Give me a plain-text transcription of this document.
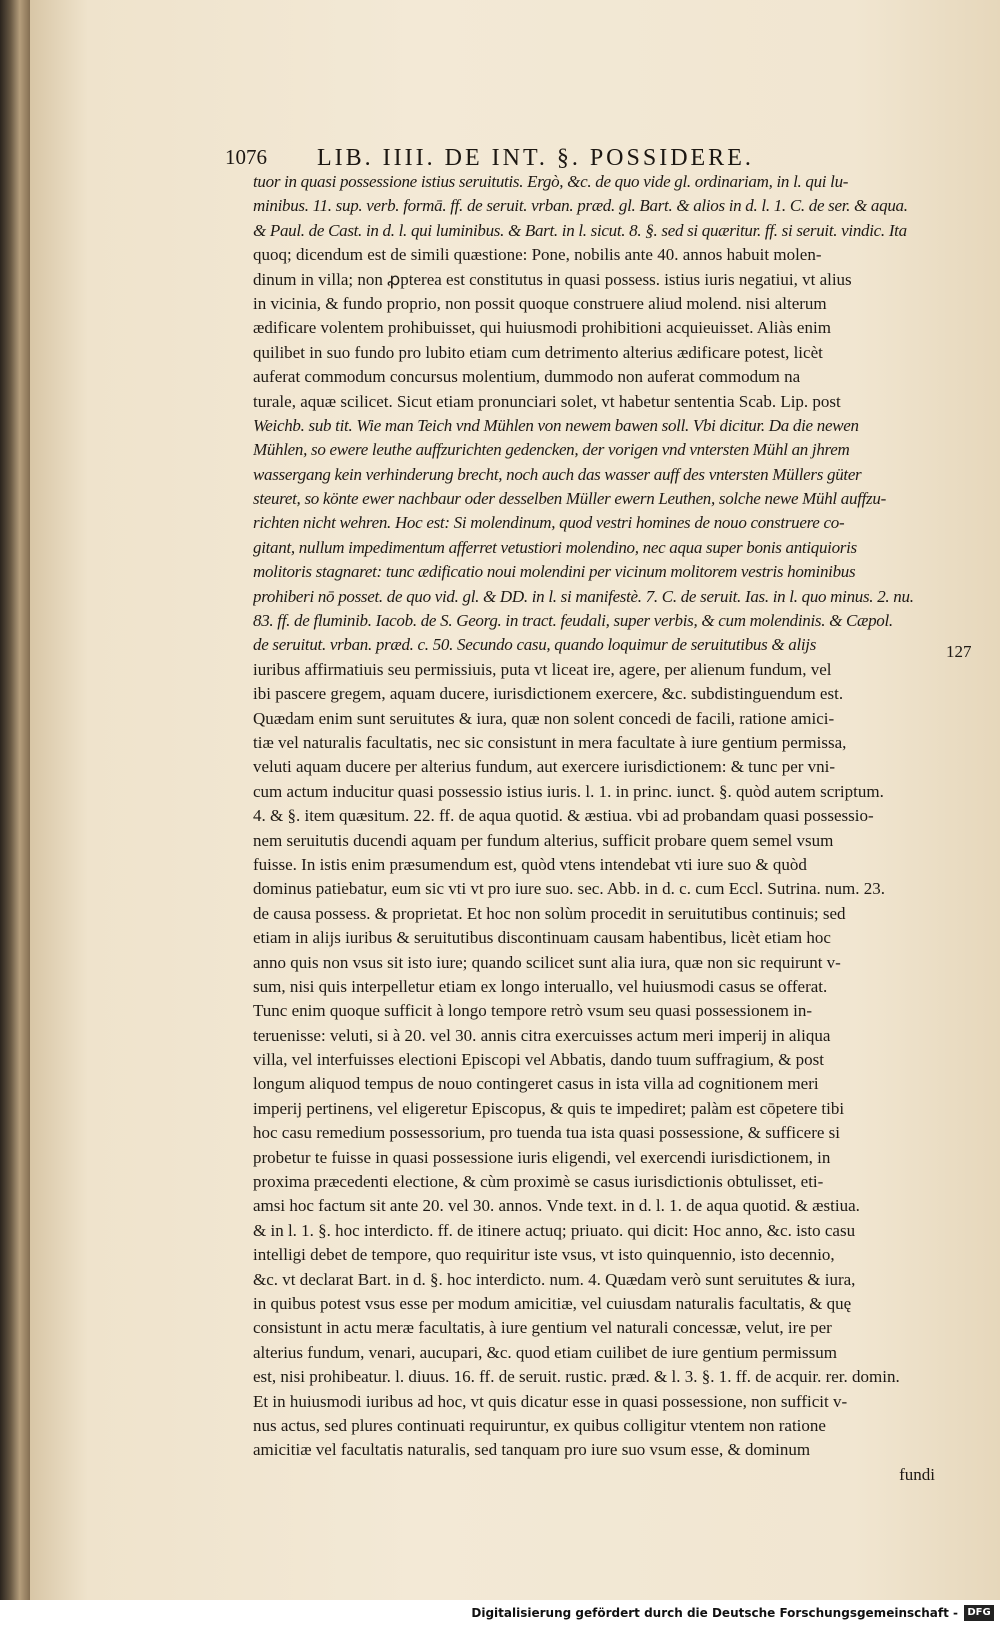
1076 LIB. IIII. DE INT. §. POSSIDERE.
tuor in quasi possessione istius seruitutis. Ergò, &c. de quo vide gl. ordinariam, in l. qui lu-
minibus. 11. sup. verb. formā. ff. de seruit. vrban. præd. gl. Bart. & alios in d. l. 1. C. de ser. & aqua.
& Paul. de Cast. in d. l. qui luminibus. & Bart. in l. sicut. 8. §. sed si quæritur. ff. si seruit. vindic. Ita
quoq; dicendum est de simili quæstione: Pone, nobilis ante 40. annos habuit molen-
dinum in villa; non ꝓpterea est constitutus in quasi possess. istius iuris negatiui, vt alius
in vicinia, & fundo proprio, non possit quoque construere aliud molend. nisi alterum
ædificare volentem prohibuisset, qui huiusmodi prohibitioni acquieuisset. Aliàs enim
quilibet in suo fundo pro lubito etiam cum detrimento alterius ædificare potest, licèt
auferat commodum concursus molentium, dummodo non auferat commodum na
turale, aquæ scilicet. Sicut etiam pronunciari solet, vt habetur sententia Scab. Lip. post
Weichb. sub tit. Wie man Teich vnd Mühlen von newem bawen soll. Vbi dicitur. Da die newen
Mühlen, so ewere leuthe auffzurichten gedencken, der vorigen vnd vntersten Mühl an jhrem
wassergang kein verhinderung brecht, noch auch das wasser auff des vntersten Müllers güter
steuret, so könte ewer nachbaur oder desselben Müller ewern Leuthen, solche newe Mühl auffzu-
richten nicht wehren. Hoc est: Si molendinum, quod vestri homines de nouo construere co-
gitant, nullum impedimentum afferret vetustiori molendino, nec aqua super bonis antiquioris
molitoris stagnaret: tunc ædificatio noui molendini per vicinum molitorem vestris hominibus
prohiberi nō posset. de quo vid. gl. & DD. in l. si manifestè. 7. C. de seruit. Ias. in l. quo minus. 2. nu.
83. ff. de fluminib. Iacob. de S. Georg. in tract. feudali, super verbis, & cum molendinis. & Cæpol.
de seruitut. vrban. præd. c. 50. Secundo casu, quando loquimur de seruitutibus & alijs
iuribus affirmatiuis seu permissiuis, puta vt liceat ire, agere, per alienum fundum, vel
ibi pascere gregem, aquam ducere, iurisdictionem exercere, &c. subdistinguendum est.
Quædam enim sunt seruitutes & iura, quæ non solent concedi de facili, ratione amici-
tiæ vel naturalis facultatis, nec sic consistunt in mera facultate à iure gentium permissa,
veluti aquam ducere per alterius fundum, aut exercere iurisdictionem: & tunc per vni-
cum actum inducitur quasi possessio istius iuris. l. 1. in princ. iunct. §. quòd autem scriptum.
4. & §. item quæsitum. 22. ff. de aqua quotid. & æstiua. vbi ad probandam quasi possessio-
nem seruitutis ducendi aquam per fundum alterius, sufficit probare quem semel vsum
fuisse. In istis enim præsumendum est, quòd vtens intendebat vti iure suo & quòd
dominus patiebatur, eum sic vti vt pro iure suo. sec. Abb. in d. c. cum Eccl. Sutrina. num. 23.
de causa possess. & proprietat. Et hoc non solùm procedit in seruitutibus continuis; sed
etiam in alijs iuribus & seruitutibus discontinuam causam habentibus, licèt etiam hoc
anno quis non vsus sit isto iure; quando scilicet sunt alia iura, quæ non sic requirunt v-
sum, nisi quis interpelletur etiam ex longo interuallo, vel huiusmodi casus se offerat.
Tunc enim quoque sufficit à longo tempore retrò vsum seu quasi possessionem in-
teruenisse: veluti, si à 20. vel 30. annis citra exercuisses actum meri imperij in aliqua
villa, vel interfuisses electioni Episcopi vel Abbatis, dando tuum suffragium, & post
longum aliquod tempus de nouo contingeret casus in ista villa ad cognitionem meri
imperij pertinens, vel eligeretur Episcopus, & quis te impediret; palàm est cōpetere tibi
hoc casu remedium possessorium, pro tuenda tua ista quasi possessione, & sufficere si
probetur te fuisse in quasi possessione iuris eligendi, vel exercendi iurisdictionem, in
proxima præcedenti electione, & cùm proximè se casus iurisdictionis obtulisset, eti-
amsi hoc factum sit ante 20. vel 30. annos. Vnde text. in d. l. 1. de aqua quotid. & æstiua.
& in l. 1. §. hoc interdicto. ff. de itinere actuq; priuato. qui dicit: Hoc anno, &c. isto casu
intelligi debet de tempore, quo requiritur iste vsus, vt isto quinquennio, isto decennio,
&c. vt declarat Bart. in d. §. hoc interdicto. num. 4. Quædam verò sunt seruitutes & iura,
in quibus potest vsus esse per modum amicitiæ, vel cuiusdam naturalis facultatis, & quę
consistunt in actu meræ facultatis, à iure gentium vel naturali concessæ, velut, ire per
alterius fundum, venari, aucupari, &c. quod etiam cuilibet de iure gentium permissum
est, nisi prohibeatur. l. diuus. 16. ff. de seruit. rustic. præd. & l. 3. §. 1. ff. de acquir. rer. domin.
Et in huiusmodi iuribus ad hoc, vt quis dicatur esse in quasi possessione, non sufficit v-
nus actus, sed plures continuati requiruntur, ex quibus colligitur vtentem non ratione
amicitiæ vel facultatis naturalis, sed tanquam pro iure suo vsum esse, & dominum
fundi
127
Digitalisierung gefördert durch die Deutsche Forschungsgemeinschaft - DFG
